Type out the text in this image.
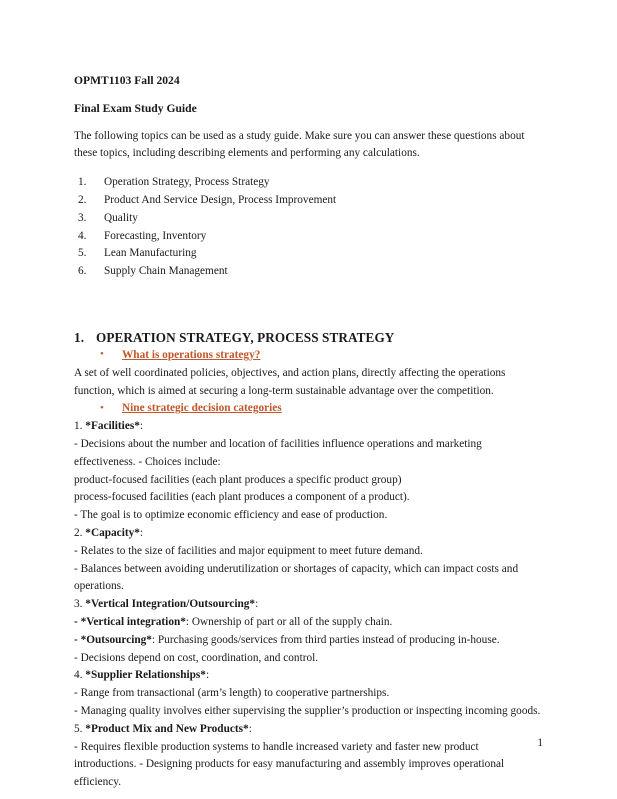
OPMT1103 Fall 2024

Final Exam Study Guide

The following topics can be used as a study guide. Make sure you can answer these questions about these topics, including describing elements and performing any calculations.

1. Operation Strategy, Process Strategy
2. Product And Service Design, Process Improvement
3. Quality
4. Forecasting, Inventory
5. Lean Manufacturing
6. Supply Chain Management

1. OPERATION STRATEGY, PROCESS STRATEGY

• What is operations strategy?

A set of well coordinated policies, objectives, and action plans, directly affecting the operations function, which is aimed at securing a long-term sustainable advantage over the competition.

• Nine strategic decision categories

1. *Facilities*:

- Decisions about the number and location of facilities influence operations and marketing effectiveness. - Choices include:

product-focused facilities (each plant produces a specific product group)

process-focused facilities (each plant produces a component of a product).

- The goal is to optimize economic efficiency and ease of production.

2. *Capacity*:

- Relates to the size of facilities and major equipment to meet future demand.

- Balances between avoiding underutilization or shortages of capacity, which can impact costs and operations.

3. *Vertical Integration/Outsourcing*:

- *Vertical integration*: Ownership of part or all of the supply chain.

- *Outsourcing*: Purchasing goods/services from third parties instead of producing in-house.

- Decisions depend on cost, coordination, and control.

4. *Supplier Relationships*:

- Range from transactional (arm’s length) to cooperative partnerships.

- Managing quality involves either supervising the supplier’s production or inspecting incoming goods.

5. *Product Mix and New Products*:

- Requires flexible production systems to handle increased variety and faster new product introductions. - Designing products for easy manufacturing and assembly improves operational efficiency.

1
